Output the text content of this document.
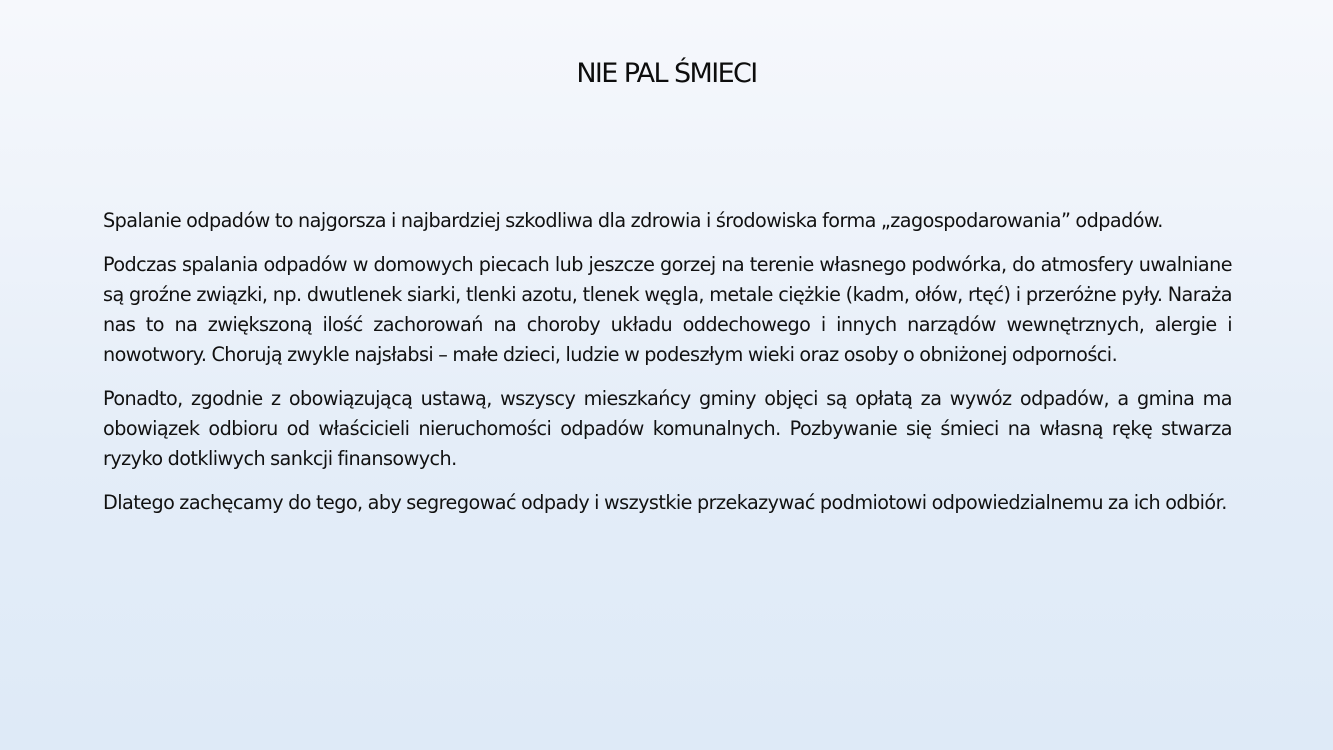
NIE PAL ŚMIECI

Spalanie odpadów to najgorsza i najbardziej szkodliwa dla zdrowia i środowiska forma „zagospodarowania” odpadów.

Podczas spalania odpadów w domowych piecach lub jeszcze gorzej na terenie własnego podwórka, do atmosfery uwalniane są groźne związki, np. dwutlenek siarki, tlenki azotu, tlenek węgla, metale ciężkie (kadm, ołów, rtęć) i przeróżne pyły. Naraża nas to na zwiększoną ilość zachorowań na choroby układu oddechowego i innych narządów wewnętrznych, alergie i nowotwory. Chorują zwykle najsłabsi – małe dzieci, ludzie w podeszłym wieki oraz osoby o obniżonej odporności.

Ponadto, zgodnie z obowiązującą ustawą, wszyscy mieszkańcy gminy objęci są opłatą za wywóz odpadów, a gmina ma obowiązek odbioru od właścicieli nieruchomości odpadów komunalnych. Pozbywanie się śmieci na własną rękę stwarza ryzyko dotkliwych sankcji finansowych.

Dlatego zachęcamy do tego, aby segregować odpady i wszystkie przekazywać podmiotowi odpowiedzialnemu za ich odbiór.
